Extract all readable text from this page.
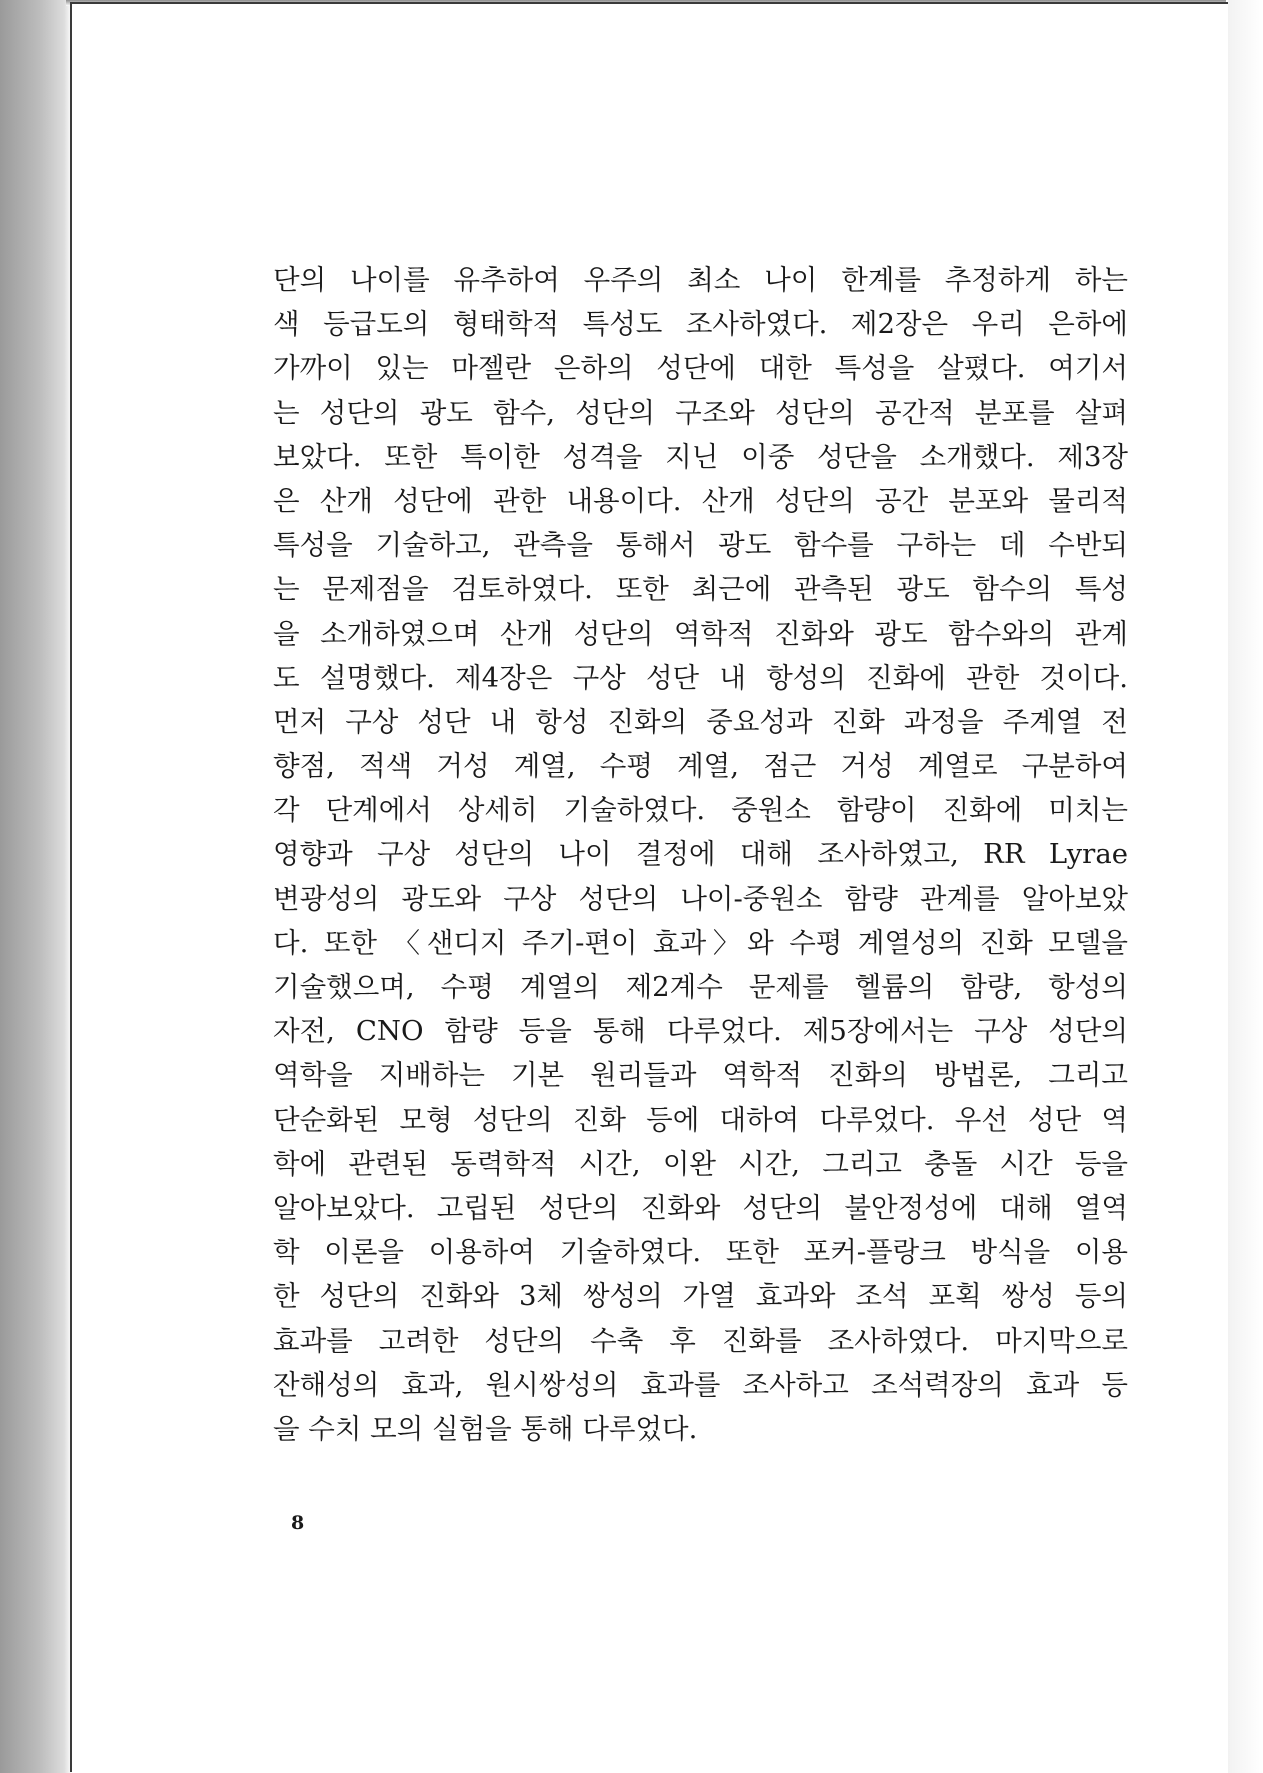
단의 나이를 유추하여 우주의 최소 나이 한계를 추정하게 하는
색 등급도의 형태학적 특성도 조사하였다. 제2장은 우리 은하에
가까이 있는 마젤란 은하의 성단에 대한 특성을 살폈다. 여기서
는 성단의 광도 함수, 성단의 구조와 성단의 공간적 분포를 살펴
보았다. 또한 특이한 성격을 지닌 이중 성단을 소개했다. 제3장
은 산개 성단에 관한 내용이다. 산개 성단의 공간 분포와 물리적
특성을 기술하고, 관측을 통해서 광도 함수를 구하는 데 수반되
는 문제점을 검토하였다. 또한 최근에 관측된 광도 함수의 특성
을 소개하였으며 산개 성단의 역학적 진화와 광도 함수와의 관계
도 설명했다. 제4장은 구상 성단 내 항성의 진화에 관한 것이다.
먼저 구상 성단 내 항성 진화의 중요성과 진화 과정을 주계열 전
향점, 적색 거성 계열, 수평 계열, 점근 거성 계열로 구분하여
각 단계에서 상세히 기술하였다. 중원소 함량이 진화에 미치는
영향과 구상 성단의 나이 결정에 대해 조사하였고, RR Lyrae
변광성의 광도와 구상 성단의 나이-중원소 함량 관계를 알아보았
다. 또한 〈샌디지 주기-편이 효과〉와 수평 계열성의 진화 모델을
기술했으며, 수평 계열의 제2계수 문제를 헬륨의 함량, 항성의
자전, CNO 함량 등을 통해 다루었다. 제5장에서는 구상 성단의
역학을 지배하는 기본 원리들과 역학적 진화의 방법론, 그리고
단순화된 모형 성단의 진화 등에 대하여 다루었다. 우선 성단 역
학에 관련된 동력학적 시간, 이완 시간, 그리고 충돌 시간 등을
알아보았다. 고립된 성단의 진화와 성단의 불안정성에 대해 열역
학 이론을 이용하여 기술하였다. 또한 포커-플랑크 방식을 이용
한 성단의 진화와 3체 쌍성의 가열 효과와 조석 포획 쌍성 등의
효과를 고려한 성단의 수축 후 진화를 조사하였다. 마지막으로
잔해성의 효과, 원시쌍성의 효과를 조사하고 조석력장의 효과 등
을 수치 모의 실험을 통해 다루었다.
8
